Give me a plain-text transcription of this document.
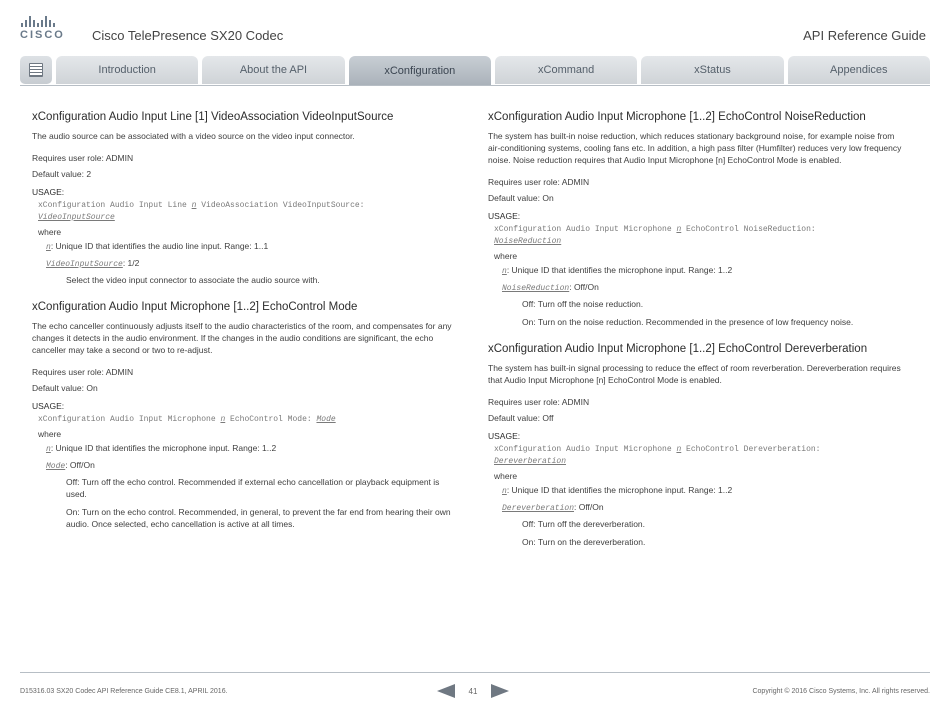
CISCO Cisco TelePresence SX20 Codec	API Reference Guide
Introduction	About the API	xConfiguration	xCommand	xStatus	Appendices
xConfiguration Audio Input Line [1] VideoAssociation VideoInputSource

The audio source can be associated with a video source on the video input connector.

Requires user role: ADMIN

Default value: 2

USAGE:
xConfiguration Audio Input Line n VideoAssociation VideoInputSource:
VideoInputSource
where
n: Unique ID that identifies the audio line input. Range: 1..1
VideoInputSource: 1/2
Select the video input connector to associate the audio source with.
xConfiguration Audio Input Microphone [1..2] EchoControl Mode

The echo canceller continuously adjusts itself to the audio characteristics of the room, and compensates for any changes it detects in the audio environment. If the changes in the audio conditions are significant, the echo canceller may take a second or two to re-adjust.

Requires user role: ADMIN

Default value: On

USAGE:
xConfiguration Audio Input Microphone n EchoControl Mode: Mode
where
n: Unique ID that identifies the microphone input. Range: 1..2
Mode: Off/On
Off: Turn off the echo control. Recommended if external echo cancellation or playback equipment is used.
On: Turn on the echo control. Recommended, in general, to prevent the far end from hearing their own audio. Once selected, echo cancellation is active at all times.
xConfiguration Audio Input Microphone [1..2] EchoControl NoiseReduction

The system has built-in noise reduction, which reduces stationary background noise, for example noise from air-conditioning systems, cooling fans etc. In addition, a high pass filter (Humfilter) reduces very low frequency noise. Noise reduction requires that Audio Input Microphone [n] EchoControl Mode is enabled.

Requires user role: ADMIN

Default value: On

USAGE:
xConfiguration Audio Input Microphone n EchoControl NoiseReduction:
NoiseReduction
where
n: Unique ID that identifies the microphone input. Range: 1..2
NoiseReduction: Off/On
Off: Turn off the noise reduction.
On: Turn on the noise reduction. Recommended in the presence of low frequency noise.
xConfiguration Audio Input Microphone [1..2] EchoControl Dereverberation

The system has built-in signal processing to reduce the effect of room reverberation. Dereverberation requires that Audio Input Microphone [n] EchoControl Mode is enabled.

Requires user role: ADMIN

Default value: Off

USAGE:
xConfiguration Audio Input Microphone n EchoControl Dereverberation:
Dereverberation
where
n: Unique ID that identifies the microphone input. Range: 1..2
Dereverberation: Off/On
Off: Turn off the dereverberation.
On: Turn on the dereverberation.
D15316.03 SX20 Codec API Reference Guide CE8.1, APRIL 2016.	41	Copyright © 2016 Cisco Systems, Inc. All rights reserved.
